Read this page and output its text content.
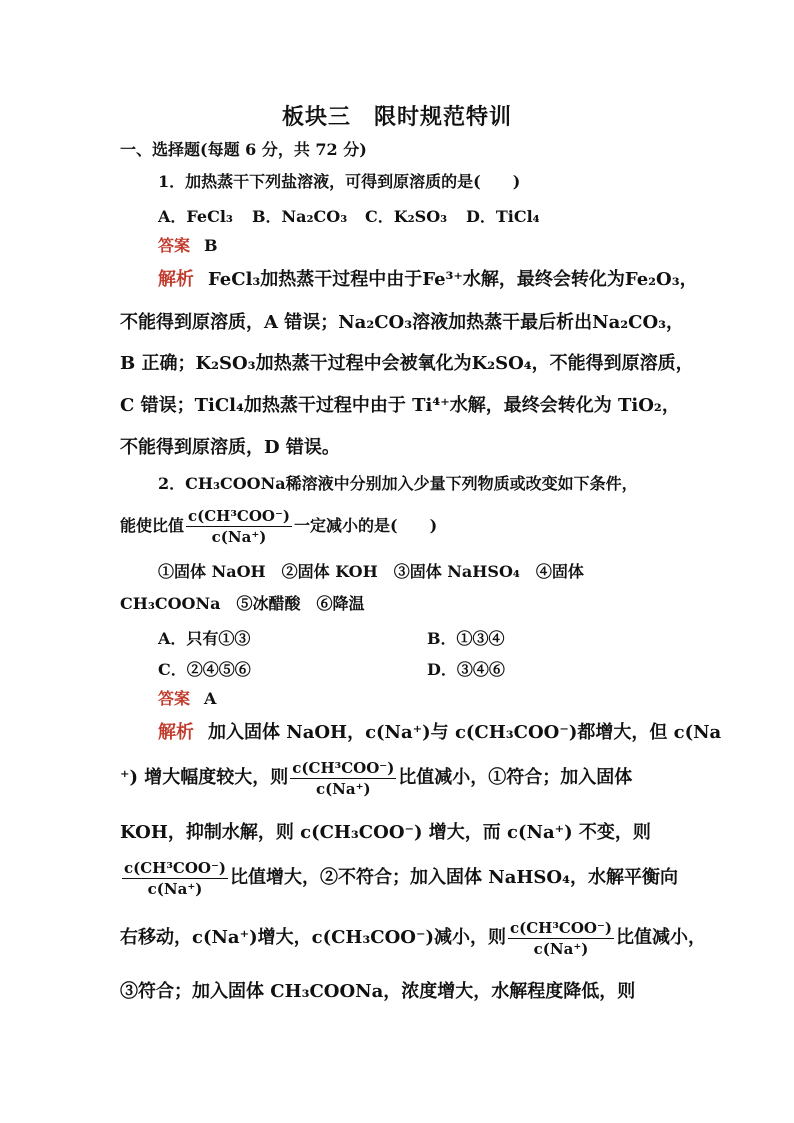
板块三　限时规范特训
一、选择题(每题 6 分，共 72 分)
1．加热蒸干下列盐溶液，可得到原溶质的是(　　)
A．FeCl₃ B．Na₂CO₃ C．K₂SO₃ D．TiCl₄
答案 B
解析 FeCl₃加热蒸干过程中由于Fe³⁺水解，最终会转化为Fe₂O₃，
不能得到原溶质，A 错误；Na₂CO₃溶液加热蒸干最后析出Na₂CO₃，
B 正确；K₂SO₃加热蒸干过程中会被氧化为K₂SO₄，不能得到原溶质，
C 错误；TiCl₄加热蒸干过程中由于 Ti⁴⁺水解，最终会转化为 TiO₂，
不能得到原溶质，D 错误。
2．CH₃COONa稀溶液中分别加入少量下列物质或改变如下条件，
能使比值 $\frac{\text{c(CH³COO⁻)}}{c(Na^+)}$ 一定减小的是(　　)
①固体 NaOH　②固体 KOH　③固体 NaHSO₄　④固体
CH₃COONa　⑤冰醋酸　⑥降温
A．只有①③	B．①③④
C．②④⑤⑥	D．③④⑥
答案 A
解析 加入固体 NaOH，c(Na⁺)与 c(CH₃COO⁻)都增大，但 c(Na
⁺) 增大幅度较大，则 $\frac{\text{c(CH³COO⁻)}}{c(Na^+)}$ 比值减小，①符合；加入固体
KOH，抑制水解，则 c(CH₃COO⁻) 增大，而 c(Na⁺) 不变，则
$\frac{\text{c(CH³COO⁻)}}{c(Na^+)}$ 比值增大，②不符合；加入固体 NaHSO₄，水解平衡向
右移动，c(Na⁺)增大，c(CH₃COO⁻)减小，则 $\frac{\text{c(CH³COO⁻)}}{c(Na^+)}$ 比值减小，
③符合；加入固体 CH₃COONa，浓度增大，水解程度降低，则
